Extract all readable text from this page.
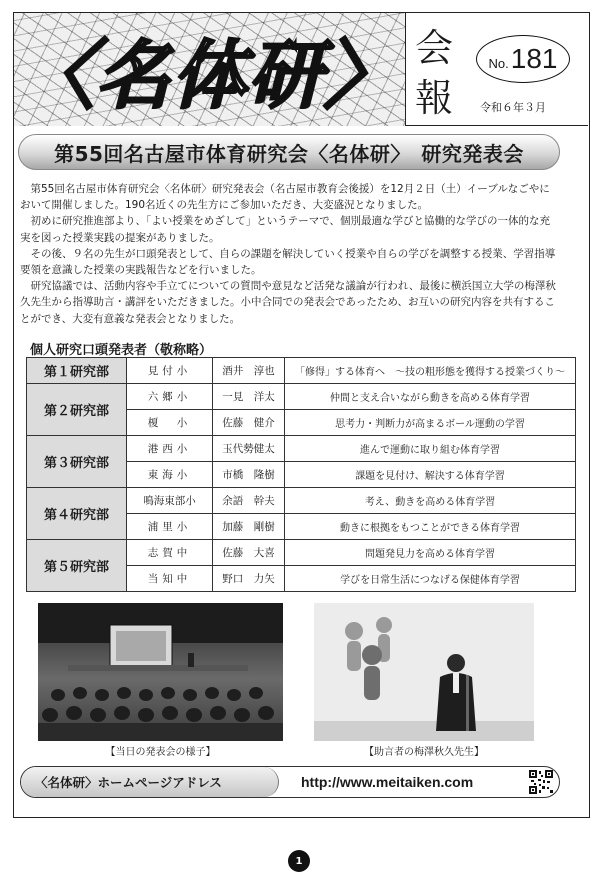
〈名体研〉 会
報
No. 181
令和６年３月
第55回名古屋市体育研究会〈名体研〉　研究発表会

第55回名古屋市体育研究会〈名体研〉研究発表会（名古屋市教育会後援）を12月２日（土）イーブルなごやにおいて開催しました。190名近くの先生方にご参加いただき、大変盛況となりました。

初めに研究推進部より、「よい授業をめざして」というテーマで、個別最適な学びと協働的な学びの一体的な充実を図った授業実践の提案がありました。

その後、９名の先生が口頭発表として、自らの課題を解決していく授業や自らの学びを調整する授業、学習指導要領を意識した授業の実践報告などを行いました。

研究協議では、活動内容や手立てについての質問や意見など活発な議論が行われ、最後に横浜国立大学の梅澤秋久先生から指導助言・講評をいただきました。小中合同での発表会であったため、お互いの研究内容を共有することができ、大変有意義な発表会となりました。

個人研究口頭発表者（敬称略）
第１研究部	見付小	酒井　淳也	「修得」する体育へ　～技の粗形態を獲得する授業づくり～
第２研究部	六郷小	一見　洋太	仲間と支え合いながら動きを高める体育学習
	榎　小	佐藤　健介	思考力・判断力が高まるボール運動の学習
第３研究部	港西小	玉代勢健太	進んで運動に取り組む体育学習
	東海小	市橋　隆樹	課題を見付け、解決する体育学習
第４研究部	鳴海東部小	余語　幹夫	考え、動きを高める体育学習
	浦里小	加藤　剛樹	動きに根拠をもつことができる体育学習
第５研究部	志賀中	佐藤　大喜	問題発見力を高める体育学習
	当知中	野口　力矢	学びを日常生活につなげる保健体育学習
【当日の発表会の様子】	【助言者の梅澤秋久先生】
〈名体研〉ホームページアドレス	http://www.meitaiken.com
1
